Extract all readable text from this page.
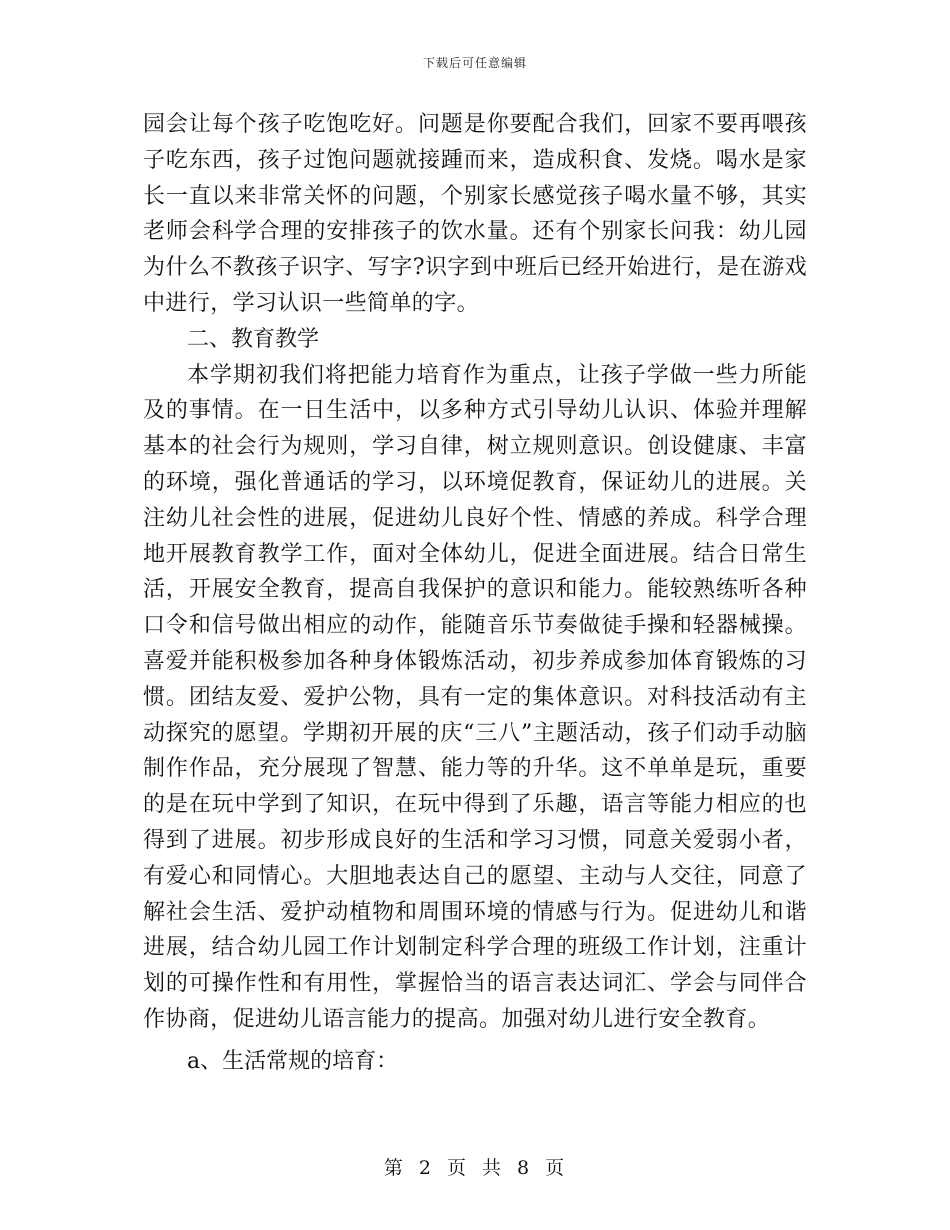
下载后可任意编辑

园会让每个孩子吃饱吃好。问题是你要配合我们，回家不要再喂孩子吃东西，孩子过饱问题就接踵而来，造成积食、发烧。喝水是家长一直以来非常关怀的问题，个别家长感觉孩子喝水量不够，其实老师会科学合理的安排孩子的饮水量。还有个别家长问我：幼儿园为什么不教孩子识字、写字?识字到中班后已经开始进行，是在游戏中进行，学习认识一些简单的字。

二、教育教学

本学期初我们将把能力培育作为重点，让孩子学做一些力所能及的事情。在一日生活中，以多种方式引导幼儿认识、体验并理解基本的社会行为规则，学习自律，树立规则意识。创设健康、丰富的环境，强化普通话的学习，以环境促教育，保证幼儿的进展。关注幼儿社会性的进展，促进幼儿良好个性、情感的养成。科学合理地开展教育教学工作，面对全体幼儿，促进全面进展。结合日常生活，开展安全教育，提高自我保护的意识和能力。能较熟练听各种口令和信号做出相应的动作，能随音乐节奏做徒手操和轻器械操。喜爱并能积极参加各种身体锻炼活动，初步养成参加体育锻炼的习惯。团结友爱、爱护公物，具有一定的集体意识。对科技活动有主动探究的愿望。学期初开展的庆“三八”主题活动，孩子们动手动脑制作作品，充分展现了智慧、能力等的升华。这不单单是玩，重要的是在玩中学到了知识，在玩中得到了乐趣，语言等能力相应的也得到了进展。初步形成良好的生活和学习习惯，同意关爱弱小者，有爱心和同情心。大胆地表达自己的愿望、主动与人交往，同意了解社会生活、爱护动植物和周围环境的情感与行为。促进幼儿和谐进展，结合幼儿园工作计划制定科学合理的班级工作计划，注重计划的可操作性和有用性，掌握恰当的语言表达词汇、学会与同伴合作协商，促进幼儿语言能力的提高。加强对幼儿进行安全教育。

a、生活常规的培育：

第 2 页 共 8 页
